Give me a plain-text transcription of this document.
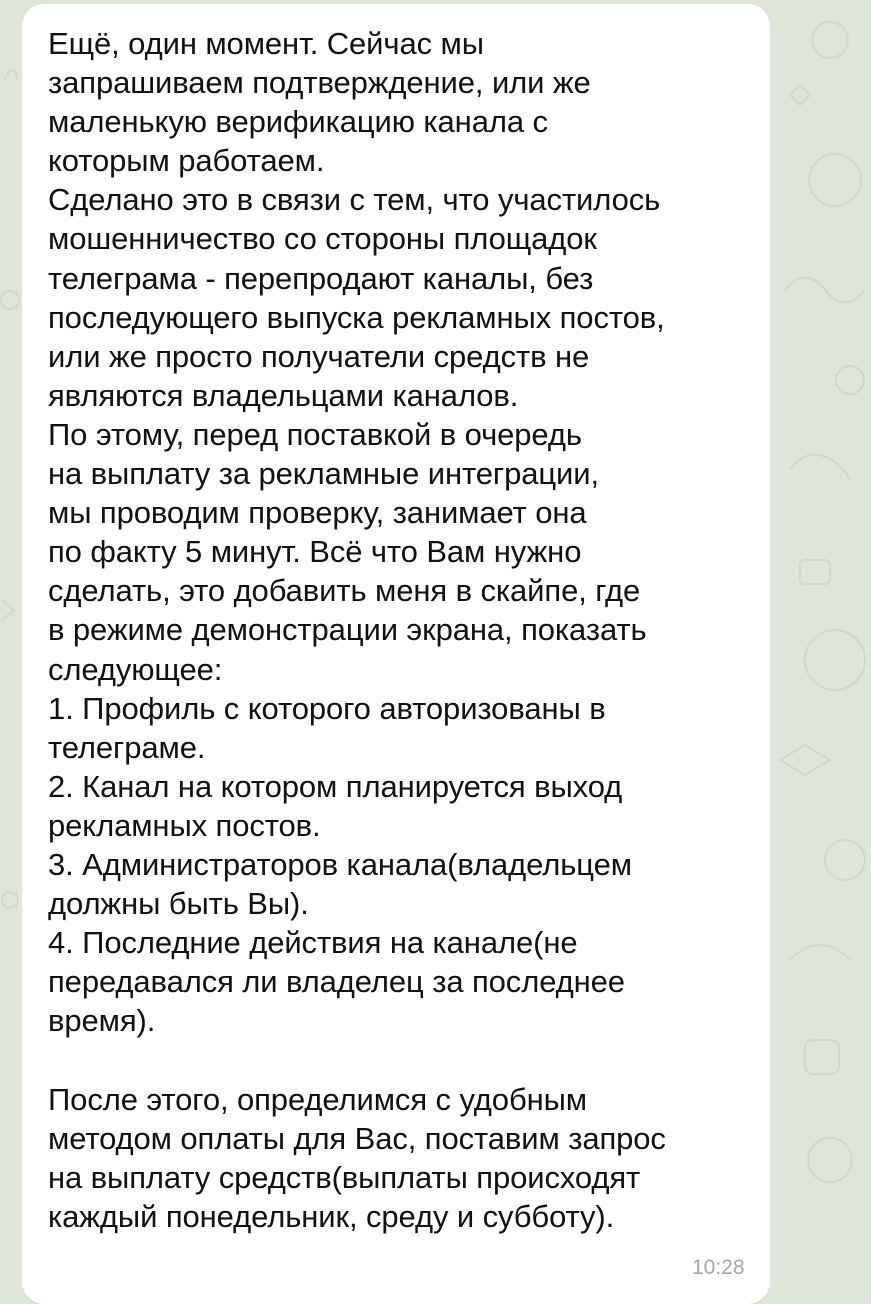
Ещё, один момент. Сейчас мы
запрашиваем подтверждение, или же
маленькую верификацию канала с
которым работаем.
Сделано это в связи с тем, что участилось
мошенничество со стороны площадок
телеграма - перепродают каналы, без
последующего выпуска рекламных постов,
или же просто получатели средств не
являются владельцами каналов.
По этому, перед поставкой в очередь
на выплату за рекламные интеграции,
мы проводим проверку, занимает она
по факту 5 минут. Всё что Вам нужно
сделать, это добавить меня в скайпе, где
в режиме демонстрации экрана, показать
следующее:
1. Профиль с которого авторизованы в
телеграме.
2. Канал на котором планируется выход
рекламных постов.
3. Администраторов канала(владельцем
должны быть Вы).
4. Последние действия на канале(не
передавался ли владелец за последнее
время).

После этого, определимся с удобным
методом оплаты для Вас, поставим запрос
на выплату средств(выплаты происходят
каждый понедельник, среду и субботу).

10:28
